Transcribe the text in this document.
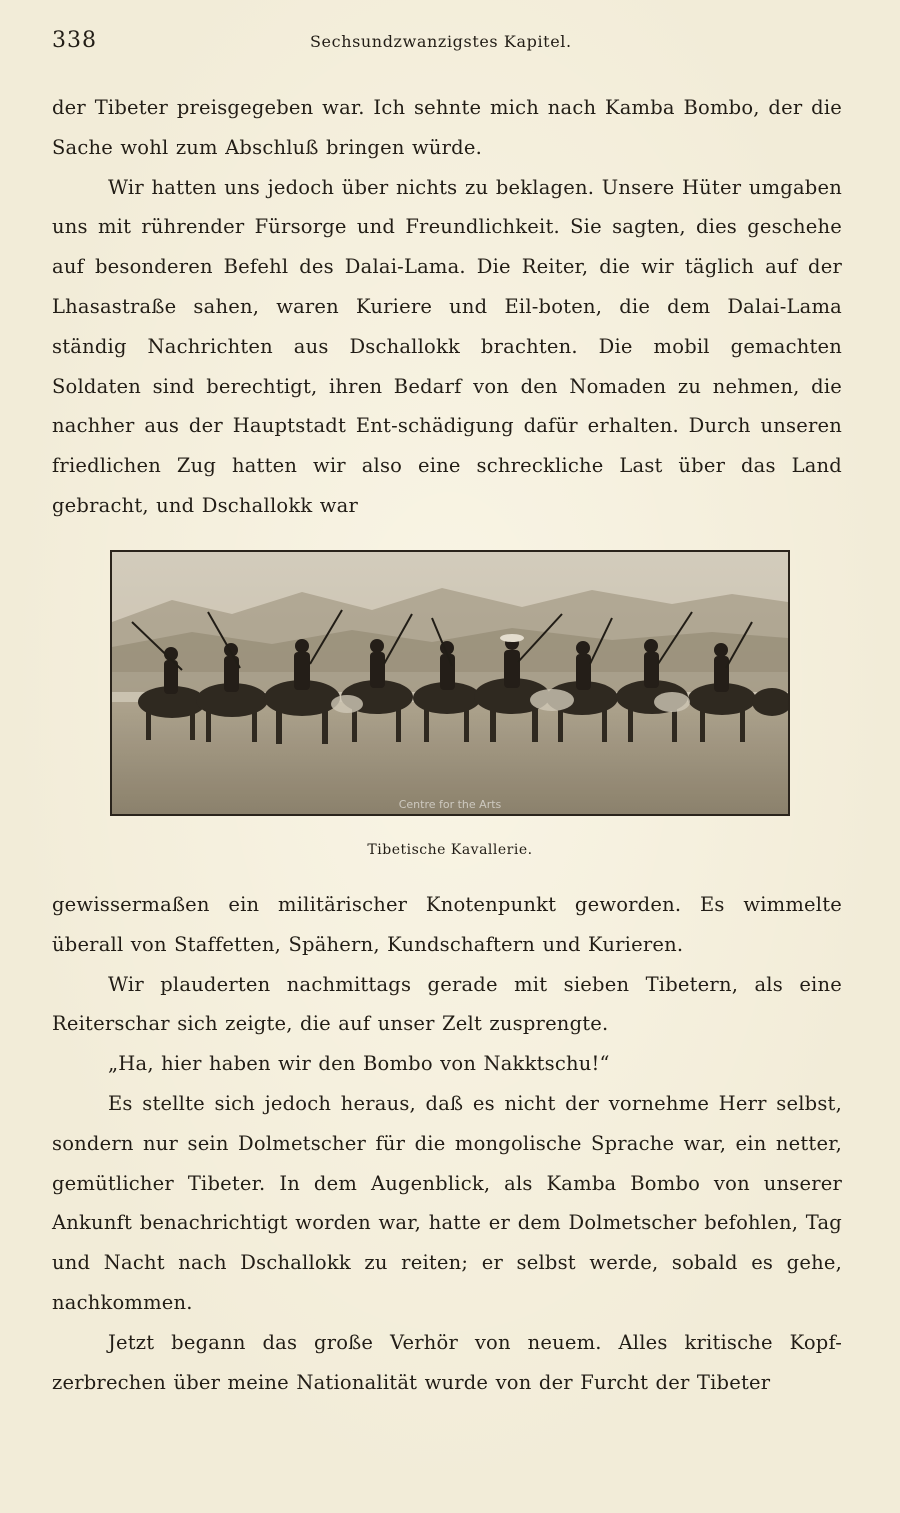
338	Sechsundzwanzigstes Kapitel.

der Tibeter preisgegeben war. Ich sehnte mich nach Kamba Bombo, der die Sache wohl zum Abschluß bringen würde.

Wir hatten uns jedoch über nichts zu beklagen. Unsere Hüter umgaben uns mit rührender Fürsorge und Freundlichkeit. Sie sagten, dies geschehe auf besonderen Befehl des Dalai-Lama. Die Reiter, die wir täglich auf der Lhasastraße sahen, waren Kuriere und Eil-boten, die dem Dalai-Lama ständig Nachrichten aus Dschallokk brachten. Die mobil gemachten Soldaten sind berechtigt, ihren Bedarf von den Nomaden zu nehmen, die nachher aus der Hauptstadt Ent-schädigung dafür erhalten. Durch unseren friedlichen Zug hatten wir also eine schreckliche Last über das Land gebracht, und Dschallokk war

Centre for the Arts
Tibetische Kavallerie.

gewissermaßen ein militärischer Knotenpunkt geworden. Es wimmelte überall von Staffetten, Spähern, Kundschaftern und Kurieren.

Wir plauderten nachmittags gerade mit sieben Tibetern, als eine Reiterschar sich zeigte, die auf unser Zelt zusprengte.

„Ha, hier haben wir den Bombo von Nakktschu!“

Es stellte sich jedoch heraus, daß es nicht der vornehme Herr selbst, sondern nur sein Dolmetscher für die mongolische Sprache war, ein netter, gemütlicher Tibeter. In dem Augenblick, als Kamba Bombo von unserer Ankunft benachrichtigt worden war, hatte er dem Dolmetscher befohlen, Tag und Nacht nach Dschallokk zu reiten; er selbst werde, sobald es gehe, nachkommen.

Jetzt begann das große Verhör von neuem. Alles kritische Kopf-zerbrechen über meine Nationalität wurde von der Furcht der Tibeter
